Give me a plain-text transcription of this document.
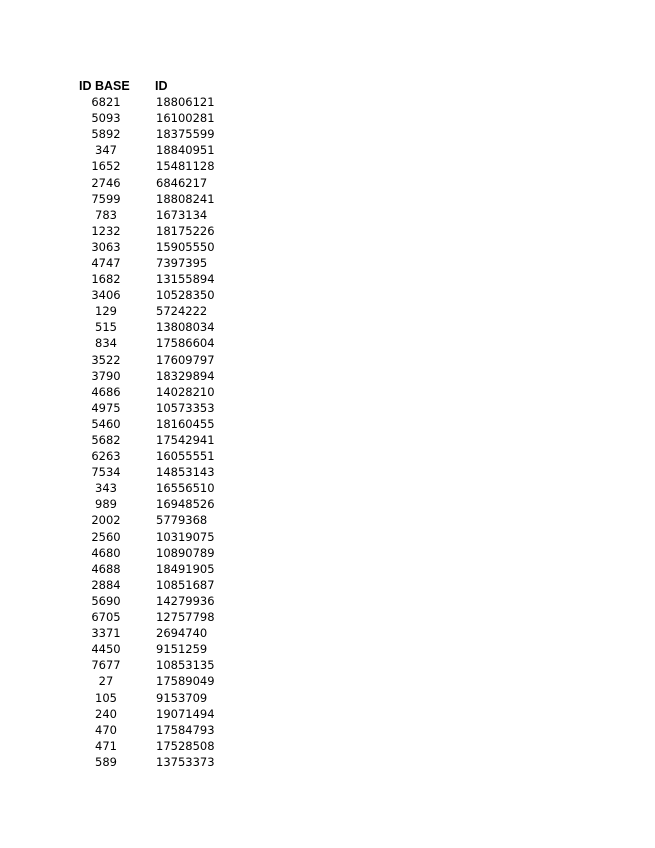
ID BASE	ID
6821	18806121
5093	16100281
5892	18375599
347	18840951
1652	15481128
2746	6846217
7599	18808241
783	1673134
1232	18175226
3063	15905550
4747	7397395
1682	13155894
3406	10528350
129	5724222
515	13808034
834	17586604
3522	17609797
3790	18329894
4686	14028210
4975	10573353
5460	18160455
5682	17542941
6263	16055551
7534	14853143
343	16556510
989	16948526
2002	5779368
2560	10319075
4680	10890789
4688	18491905
2884	10851687
5690	14279936
6705	12757798
3371	2694740
4450	9151259
7677	10853135
27	17589049
105	9153709
240	19071494
470	17584793
471	17528508
589	13753373
